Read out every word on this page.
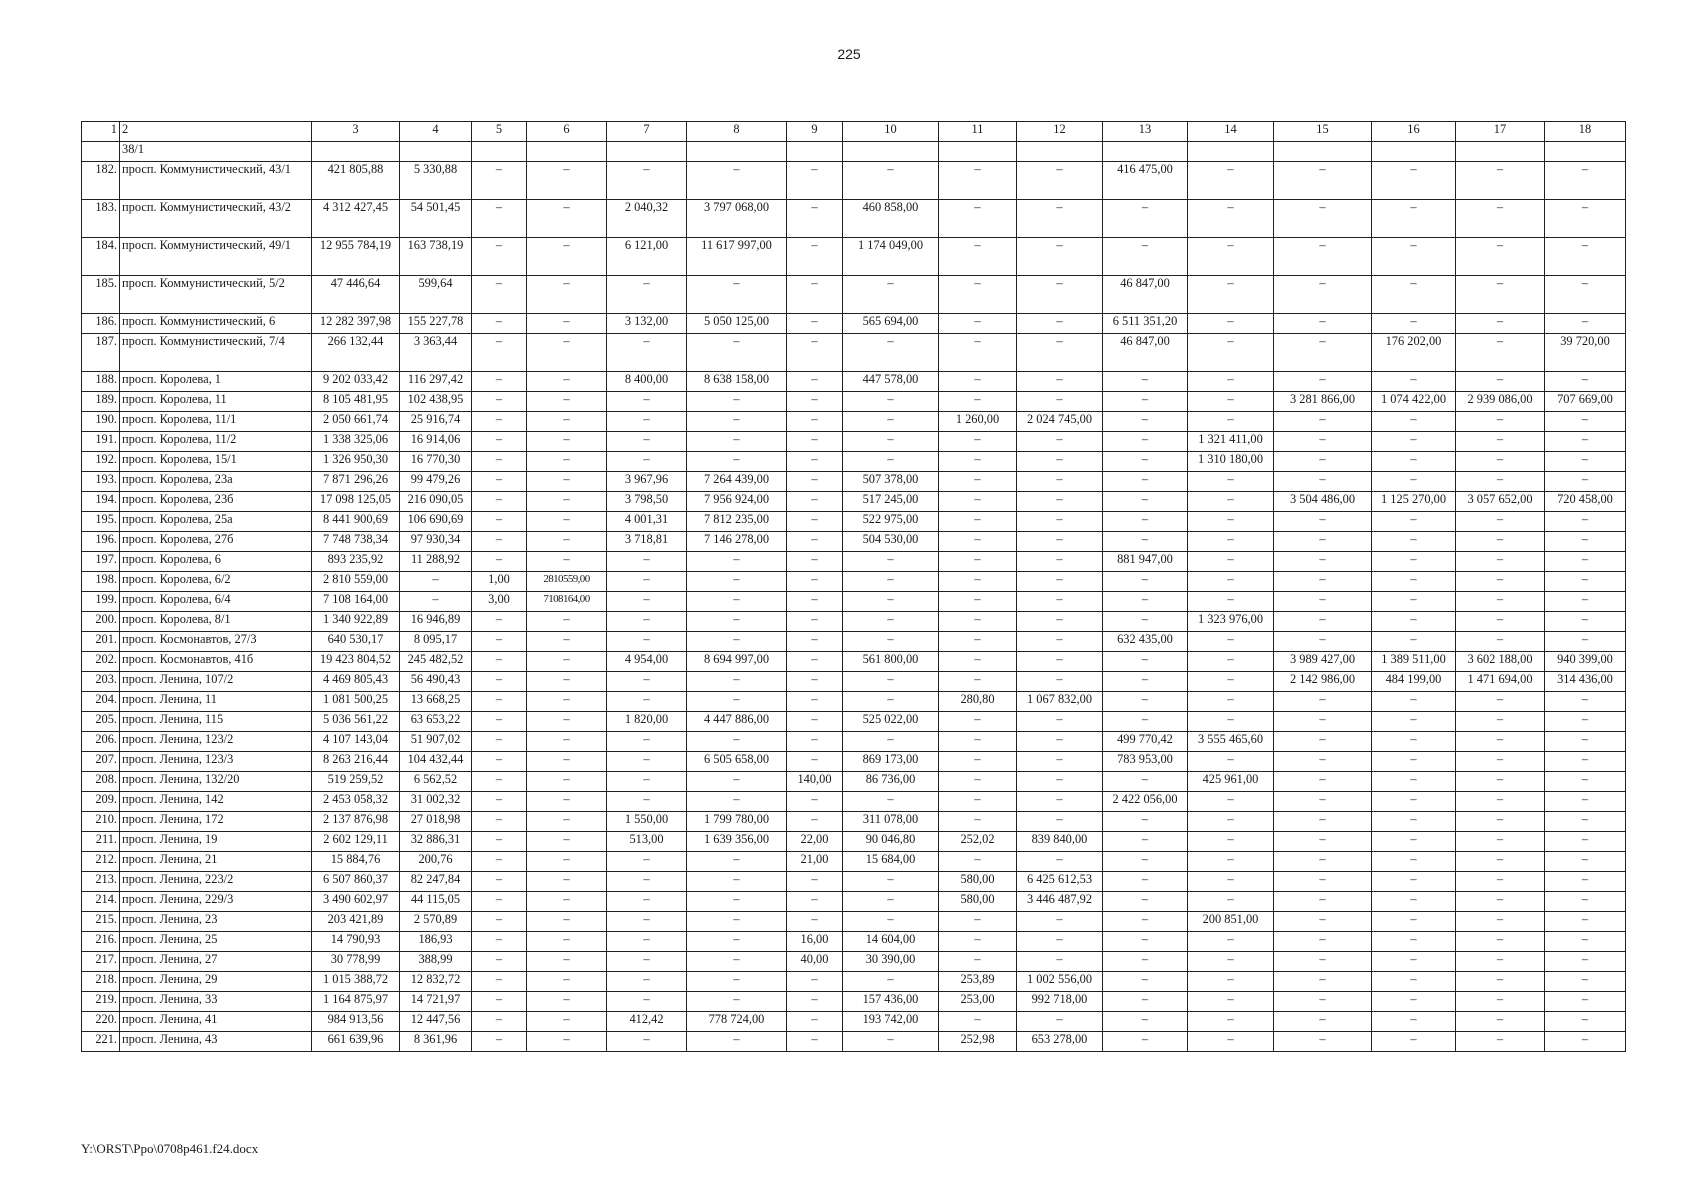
225
1	2	3	4	5	6	7	8	9	10	11	12	13	14	15	16	17	18
	38/1																
182.	просп. Коммунистический, 43/1	421 805,88	5 330,88	–	–	–	–	–	–	–	–	416 475,00	–	–	–	–	–
183.	просп. Коммунистический, 43/2	4 312 427,45	54 501,45	–	–	2 040,32	3 797 068,00	–	460 858,00	–	–	–	–	–	–	–	–
184.	просп. Коммунистический, 49/1	12 955 784,19	163 738,19	–	–	6 121,00	11 617 997,00	–	1 174 049,00	–	–	–	–	–	–	–	–
185.	просп. Коммунистический, 5/2	47 446,64	599,64	–	–	–	–	–	–	–	–	46 847,00	–	–	–	–	–
186.	просп. Коммунистический, 6	12 282 397,98	155 227,78	–	–	3 132,00	5 050 125,00	–	565 694,00	–	–	6 511 351,20	–	–	–	–	–
187.	просп. Коммунистический, 7/4	266 132,44	3 363,44	–	–	–	–	–	–	–	–	46 847,00	–	–	176 202,00	–	39 720,00
188.	просп. Королева, 1	9 202 033,42	116 297,42	–	–	8 400,00	8 638 158,00	–	447 578,00	–	–	–	–	–	–	–	–
189.	просп. Королева, 11	8 105 481,95	102 438,95	–	–	–	–	–	–	–	–	–	–	3 281 866,00	1 074 422,00	2 939 086,00	707 669,00
190.	просп. Королева, 11/1	2 050 661,74	25 916,74	–	–	–	–	–	–	1 260,00	2 024 745,00	–	–	–	–	–	–
191.	просп. Королева, 11/2	1 338 325,06	16 914,06	–	–	–	–	–	–	–	–	–	1 321 411,00	–	–	–	–
192.	просп. Королева, 15/1	1 326 950,30	16 770,30	–	–	–	–	–	–	–	–	–	1 310 180,00	–	–	–	–
193.	просп. Королева, 23а	7 871 296,26	99 479,26	–	–	3 967,96	7 264 439,00	–	507 378,00	–	–	–	–	–	–	–	–
194.	просп. Королева, 23б	17 098 125,05	216 090,05	–	–	3 798,50	7 956 924,00	–	517 245,00	–	–	–	–	3 504 486,00	1 125 270,00	3 057 652,00	720 458,00
195.	просп. Королева, 25а	8 441 900,69	106 690,69	–	–	4 001,31	7 812 235,00	–	522 975,00	–	–	–	–	–	–	–	–
196.	просп. Королева, 27б	7 748 738,34	97 930,34	–	–	3 718,81	7 146 278,00	–	504 530,00	–	–	–	–	–	–	–	–
197.	просп. Королева, 6	893 235,92	11 288,92	–	–	–	–	–	–	–	–	881 947,00	–	–	–	–	–
198.	просп. Королева, 6/2	2 810 559,00	–	1,00	2810559,00	–	–	–	–	–	–	–	–	–	–	–	–
199.	просп. Королева, 6/4	7 108 164,00	–	3,00	7108164,00	–	–	–	–	–	–	–	–	–	–	–	–
200.	просп. Королева, 8/1	1 340 922,89	16 946,89	–	–	–	–	–	–	–	–	–	1 323 976,00	–	–	–	–
201.	просп. Космонавтов, 27/3	640 530,17	8 095,17	–	–	–	–	–	–	–	–	632 435,00	–	–	–	–	–
202.	просп. Космонавтов, 41б	19 423 804,52	245 482,52	–	–	4 954,00	8 694 997,00	–	561 800,00	–	–	–	–	3 989 427,00	1 389 511,00	3 602 188,00	940 399,00
203.	просп. Ленина, 107/2	4 469 805,43	56 490,43	–	–	–	–	–	–	–	–	–	–	2 142 986,00	484 199,00	1 471 694,00	314 436,00
204.	просп. Ленина, 11	1 081 500,25	13 668,25	–	–	–	–	–	–	280,80	1 067 832,00	–	–	–	–	–	–
205.	просп. Ленина, 115	5 036 561,22	63 653,22	–	–	1 820,00	4 447 886,00	–	525 022,00	–	–	–	–	–	–	–	–
206.	просп. Ленина, 123/2	4 107 143,04	51 907,02	–	–	–	–	–	–	–	–	499 770,42	3 555 465,60	–	–	–	–
207.	просп. Ленина, 123/3	8 263 216,44	104 432,44	–	–	–	6 505 658,00	–	869 173,00	–	–	783 953,00	–	–	–	–	–
208.	просп. Ленина, 132/20	519 259,52	6 562,52	–	–	–	–	140,00	86 736,00	–	–	–	425 961,00	–	–	–	–
209.	просп. Ленина, 142	2 453 058,32	31 002,32	–	–	–	–	–	–	–	–	2 422 056,00	–	–	–	–	–
210.	просп. Ленина, 172	2 137 876,98	27 018,98	–	–	1 550,00	1 799 780,00	–	311 078,00	–	–	–	–	–	–	–	–
211.	просп. Ленина, 19	2 602 129,11	32 886,31	–	–	513,00	1 639 356,00	22,00	90 046,80	252,02	839 840,00	–	–	–	–	–	–
212.	просп. Ленина, 21	15 884,76	200,76	–	–	–	–	21,00	15 684,00	–	–	–	–	–	–	–	–
213.	просп. Ленина, 223/2	6 507 860,37	82 247,84	–	–	–	–	–	–	580,00	6 425 612,53	–	–	–	–	–	–
214.	просп. Ленина, 229/3	3 490 602,97	44 115,05	–	–	–	–	–	–	580,00	3 446 487,92	–	–	–	–	–	–
215.	просп. Ленина, 23	203 421,89	2 570,89	–	–	–	–	–	–	–	–	–	200 851,00	–	–	–	–
216.	просп. Ленина, 25	14 790,93	186,93	–	–	–	–	16,00	14 604,00	–	–	–	–	–	–	–	–
217.	просп. Ленина, 27	30 778,99	388,99	–	–	–	–	40,00	30 390,00	–	–	–	–	–	–	–	–
218.	просп. Ленина, 29	1 015 388,72	12 832,72	–	–	–	–	–	–	253,89	1 002 556,00	–	–	–	–	–	–
219.	просп. Ленина, 33	1 164 875,97	14 721,97	–	–	–	–	–	157 436,00	253,00	992 718,00	–	–	–	–	–	–
220.	просп. Ленина, 41	984 913,56	12 447,56	–	–	412,42	778 724,00	–	193 742,00	–	–	–	–	–	–	–	–
221.	просп. Ленина, 43	661 639,96	8 361,96	–	–	–	–	–	–	252,98	653 278,00	–	–	–	–	–	–
Y:\ORST\Ppo\0708p461.f24.docx
